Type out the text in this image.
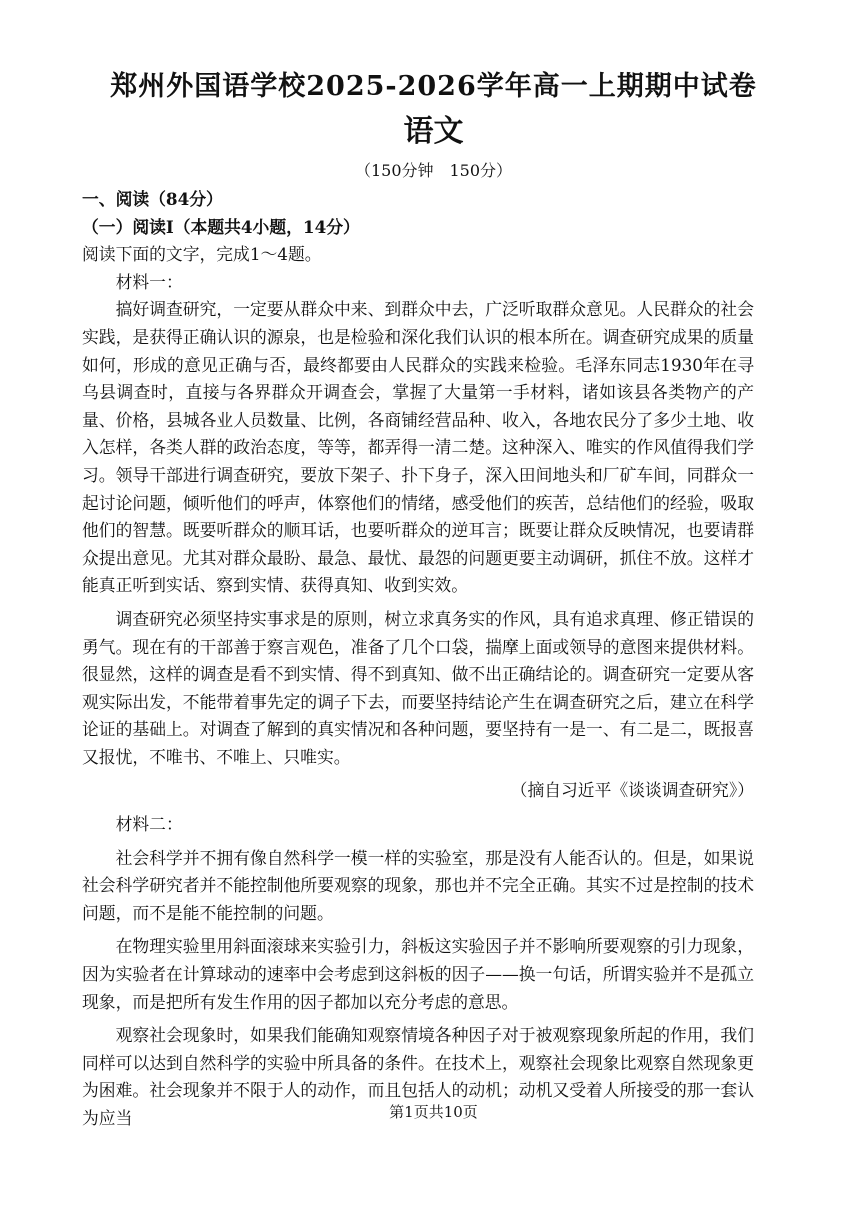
郑州外国语学校2025-2026学年高一上期期中试卷
语文
（150分钟　150分）

一、阅读（84分）

（一）阅读Ⅰ（本题共4小题，14分）

阅读下面的文字，完成1～4题。

材料一：

搞好调查研究，一定要从群众中来、到群众中去，广泛听取群众意见。人民群众的社会实践，是获得正确认识的源泉，也是检验和深化我们认识的根本所在。调查研究成果的质量如何，形成的意见正确与否，最终都要由人民群众的实践来检验。毛泽东同志1930年在寻乌县调查时，直接与各界群众开调查会，掌握了大量第一手材料，诸如该县各类物产的产量、价格，县城各业人员数量、比例，各商铺经营品种、收入，各地农民分了多少土地、收入怎样，各类人群的政治态度，等等，都弄得一清二楚。这种深入、唯实的作风值得我们学习。领导干部进行调查研究，要放下架子、扑下身子，深入田间地头和厂矿车间，同群众一起讨论问题，倾听他们的呼声，体察他们的情绪，感受他们的疾苦，总结他们的经验，吸取他们的智慧。既要听群众的顺耳话，也要听群众的逆耳言；既要让群众反映情况，也要请群众提出意见。尤其对群众最盼、最急、最忧、最怨的问题更要主动调研，抓住不放。这样才能真正听到实话、察到实情、获得真知、收到实效。

调查研究必须坚持实事求是的原则，树立求真务实的作风，具有追求真理、修正错误的勇气。现在有的干部善于察言观色，准备了几个口袋，揣摩上面或领导的意图来提供材料。很显然，这样的调查是看不到实情、得不到真知、做不出正确结论的。调查研究一定要从客观实际出发，不能带着事先定的调子下去，而要坚持结论产生在调查研究之后，建立在科学论证的基础上。对调查了解到的真实情况和各种问题，要坚持有一是一、有二是二，既报喜又报忧，不唯书、不唯上、只唯实。

（摘自习近平《谈谈调查研究》）

材料二：

社会科学并不拥有像自然科学一模一样的实验室，那是没有人能否认的。但是，如果说社会科学研究者并不能控制他所要观察的现象，那也并不完全正确。其实不过是控制的技术问题，而不是能不能控制的问题。

在物理实验里用斜面滚球来实验引力，斜板这实验因子并不影响所要观察的引力现象，因为实验者在计算球动的速率中会考虑到这斜板的因子——换一句话，所谓实验并不是孤立现象，而是把所有发生作用的因子都加以充分考虑的意思。

观察社会现象时，如果我们能确知观察情境各种因子对于被观察现象所起的作用，我们同样可以达到自然科学的实验中所具备的条件。在技术上，观察社会现象比观察自然现象更为困难。社会现象并不限于人的动作，而且包括人的动机；动机又受着人所接受的那一套认为应当	第1页共10页
